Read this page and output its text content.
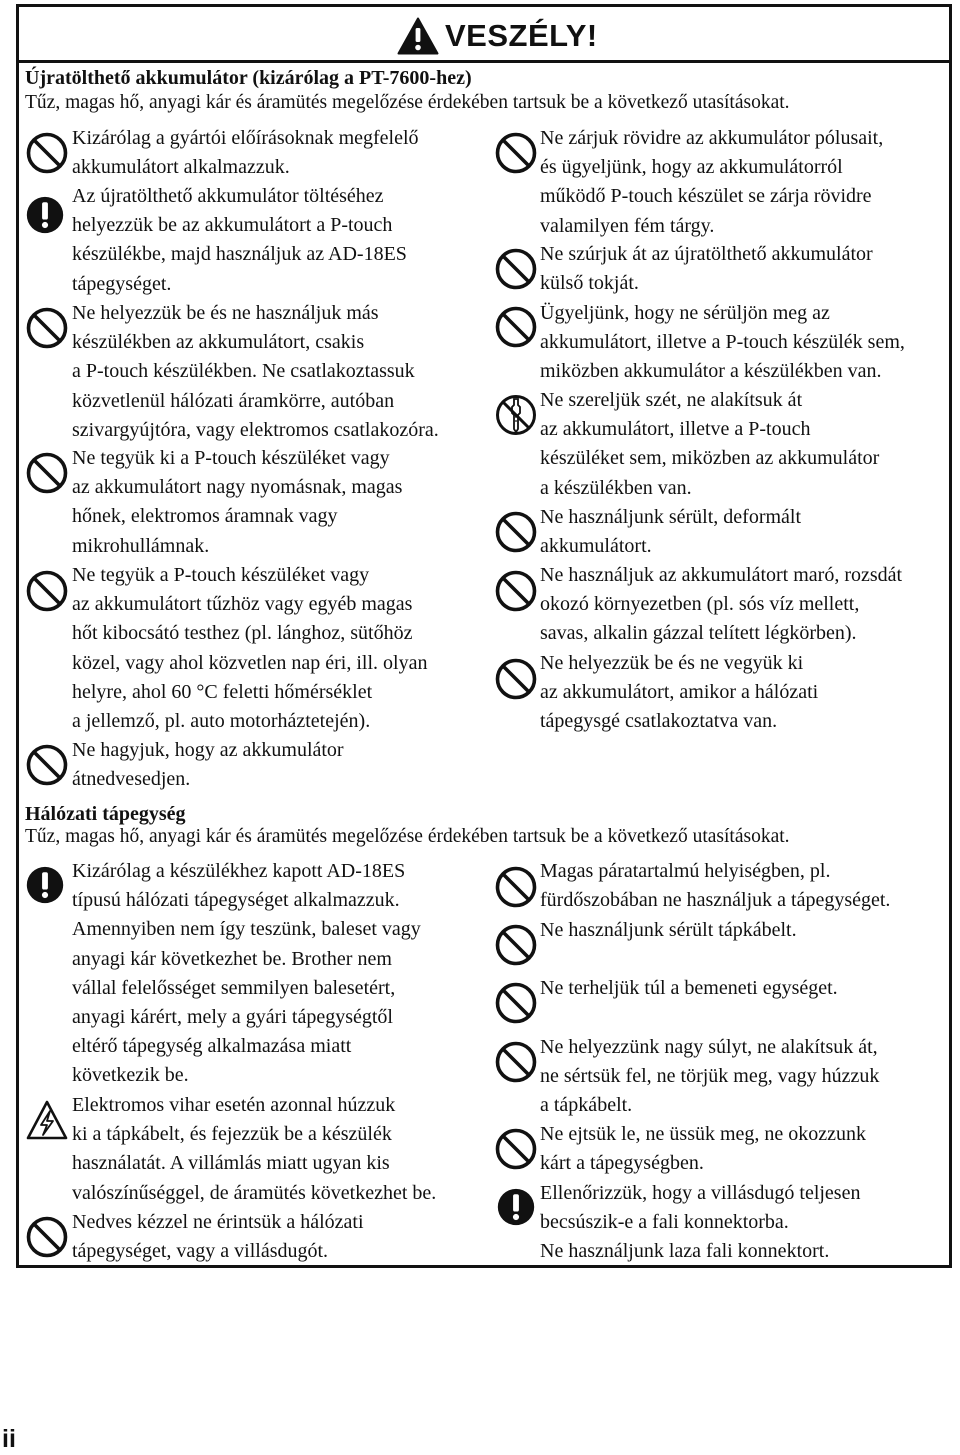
VESZÉLY!
Újratölthető akkumulátor (kizárólag a PT-7600-hez)
Tűz, magas hő, anyagi kár és áramütés megelőzése érdekében tartsuk be a következő utasításokat.
Kizárólag a gyártói előírásoknak megfelelő
akkumulátort alkalmazzuk.
Az újratölthető akkumulátor töltéséhez
helyezzük be az akkumulátort a P-touch
készülékbe, majd használjuk az AD-18ES
tápegységet.
Ne helyezzük be és ne használjuk más
készülékben az akkumulátort, csakis
a P-touch készülékben. Ne csatlakoztassuk
közvetlenül hálózati áramkörre, autóban
szivargyújtóra, vagy elektromos csatlakozóra.
Ne tegyük ki a P-touch készüléket vagy
az akkumulátort nagy nyomásnak, magas
hőnek, elektromos áramnak vagy
mikrohullámnak.
Ne tegyük a P-touch készüléket vagy
az akkumulátort tűzhöz vagy egyéb magas
hőt kibocsátó testhez (pl. lánghoz, sütőhöz
közel, vagy ahol közvetlen nap éri, ill. olyan
helyre, ahol 60 °C feletti hőmérséklet
a jellemző, pl. auto motorháztetején).
Ne hagyjuk, hogy az akkumulátor
átnedvesedjen.
Ne zárjuk rövidre az akkumulátor pólusait,
és ügyeljünk, hogy az akkumulátorról
működő P-touch készület se zárja rövidre
valamilyen fém tárgy.
Ne szúrjuk át az újratölthető akkumulátor
külső tokját.
Ügyeljünk, hogy ne sérüljön meg az
akkumulátort, illetve a P-touch készülék sem,
miközben akkumulátor a készülékben van.
Ne szereljük szét, ne alakítsuk át
az akkumulátort, illetve a P-touch
készüléket sem, miközben az akkumulátor
a készülékben van.
Ne használjunk sérült, deformált
akkumulátort.
Ne használjuk az akkumulátort maró, rozsdát
okozó környezetben (pl. sós víz mellett,
savas, alkalin gázzal telített légkörben).
Ne helyezzük be és ne vegyük ki
az akkumulátort, amikor a hálózati
tápegysgé csatlakoztatva van.
Hálózati tápegység
Tűz, magas hő, anyagi kár és áramütés megelőzése érdekében tartsuk be a következő utasításokat.
Kizárólag a készülékhez kapott AD-18ES
típusú hálózati tápegységet alkalmazzuk.
Amennyiben nem így teszünk, baleset vagy
anyagi kár következhet be. Brother nem
vállal felelősséget semmilyen balesetért,
anyagi kárért, mely a gyári tápegységtől
eltérő tápegység alkalmazása miatt
következik be.
Elektromos vihar esetén azonnal húzzuk
ki a tápkábelt, és fejezzük be a készülék
használatát. A villámlás miatt ugyan kis
valószínűséggel, de áramütés következhet be.
Nedves kézzel ne érintsük a hálózati
tápegységet, vagy a villásdugót.
Magas páratartalmú helyiségben, pl.
fürdőszobában ne használjuk a tápegységet.
Ne használjunk sérült tápkábelt.
Ne terheljük túl a bemeneti egységet.
Ne helyezzünk nagy súlyt, ne alakítsuk át,
ne sértsük fel, ne törjük meg, vagy húzzuk
a tápkábelt.
Ne ejtsük le, ne üssük meg, ne okozzunk
kárt a tápegységben.
Ellenőrizzük, hogy a villásdugó teljesen
becsúszik-e a fali konnektorba.
Ne használjunk laza fali konnektort.
ii
